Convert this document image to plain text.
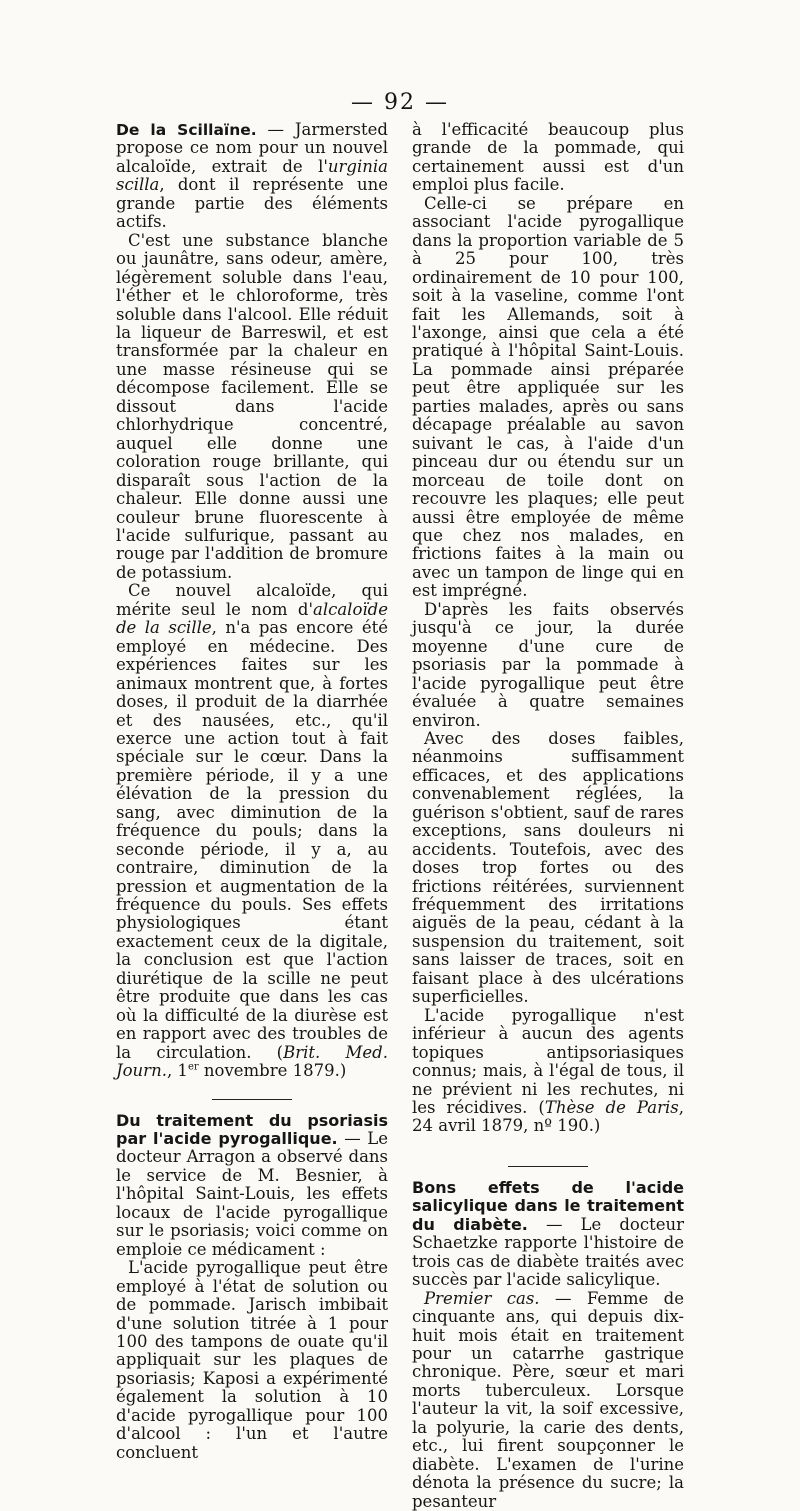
— 92 —

De la Scillaïne. — Jarmersted propose ce nom pour un nouvel alcaloïde, extrait de l'urginia scilla, dont il représente une grande partie des éléments actifs.

C'est une substance blanche ou jaunâtre, sans odeur, amère, légèrement soluble dans l'eau, l'éther et le chloroforme, très soluble dans l'alcool. Elle réduit la liqueur de Barreswil, et est transformée par la chaleur en une masse résineuse qui se décompose facilement. Elle se dissout dans l'acide chlorhydrique concentré, auquel elle donne une coloration rouge brillante, qui disparaît sous l'action de la chaleur. Elle donne aussi une couleur brune fluorescente à l'acide sulfurique, passant au rouge par l'addition de bromure de potassium.

Ce nouvel alcaloïde, qui mérite seul le nom d'alcaloïde de la scille, n'a pas encore été employé en médecine. Des expériences faites sur les animaux montrent que, à fortes doses, il produit de la diarrhée et des nausées, etc., qu'il exerce une action tout à fait spéciale sur le cœur. Dans la première période, il y a une élévation de la pression du sang, avec diminution de la fréquence du pouls; dans la seconde période, il y a, au contraire, diminution de la pression et augmentation de la fréquence du pouls. Ses effets physiologiques étant exactement ceux de la digitale, la conclusion est que l'action diurétique de la scille ne peut être produite que dans les cas où la difficulté de la diurèse est en rapport avec des troubles de la circulation. (Brit. Med. Journ., 1er novembre 1879.)

Du traitement du psoriasis par l'acide pyrogallique. — Le docteur Arragon a observé dans le service de M. Besnier, à l'hôpital Saint-Louis, les effets locaux de l'acide pyrogallique sur le psoriasis; voici comme on emploie ce médicament :

L'acide pyrogallique peut être employé à l'état de solution ou de pommade. Jarisch imbibait d'une solution titrée à 1 pour 100 des tampons de ouate qu'il appliquait sur les plaques de psoriasis; Kaposi a expérimenté également la solution à 10 d'acide pyrogallique pour 100 d'alcool : l'un et l'autre concluent

à l'efficacité beaucoup plus grande de la pommade, qui certainement aussi est d'un emploi plus facile.

Celle-ci se prépare en associant l'acide pyrogallique dans la proportion variable de 5 à 25 pour 100, très ordinairement de 10 pour 100, soit à la vaseline, comme l'ont fait les Allemands, soit à l'axonge, ainsi que cela a été pratiqué à l'hôpital Saint-Louis. La pommade ainsi préparée peut être appliquée sur les parties malades, après ou sans décapage préalable au savon suivant le cas, à l'aide d'un pinceau dur ou étendu sur un morceau de toile dont on recouvre les plaques; elle peut aussi être employée de même que chez nos malades, en frictions faites à la main ou avec un tampon de linge qui en est imprégné.

D'après les faits observés jusqu'à ce jour, la durée moyenne d'une cure de psoriasis par la pommade à l'acide pyrogallique peut être évaluée à quatre semaines environ.

Avec des doses faibles, néanmoins suffisamment efficaces, et des applications convenablement réglées, la guérison s'obtient, sauf de rares exceptions, sans douleurs ni accidents. Toutefois, avec des doses trop fortes ou des frictions réitérées, surviennent fréquemment des irritations aiguës de la peau, cédant à la suspension du traitement, soit sans laisser de traces, soit en faisant place à des ulcérations superficielles.

L'acide pyrogallique n'est inférieur à aucun des agents topiques antipsoriasiques connus; mais, à l'égal de tous, il ne prévient ni les rechutes, ni les récidives. (Thèse de Paris, 24 avril 1879, nº 190.)

Bons effets de l'acide salicylique dans le traitement du diabète. — Le docteur Schaetzke rapporte l'histoire de trois cas de diabète traités avec succès par l'acide salicylique.

Premier cas. — Femme de cinquante ans, qui depuis dix-huit mois était en traitement pour un catarrhe gastrique chronique. Père, sœur et mari morts tuberculeux. Lorsque l'auteur la vit, la soif excessive, la polyurie, la carie des dents, etc., lui firent soupçonner le diabète. L'examen de l'urine dénota la présence du sucre; la pesanteur
